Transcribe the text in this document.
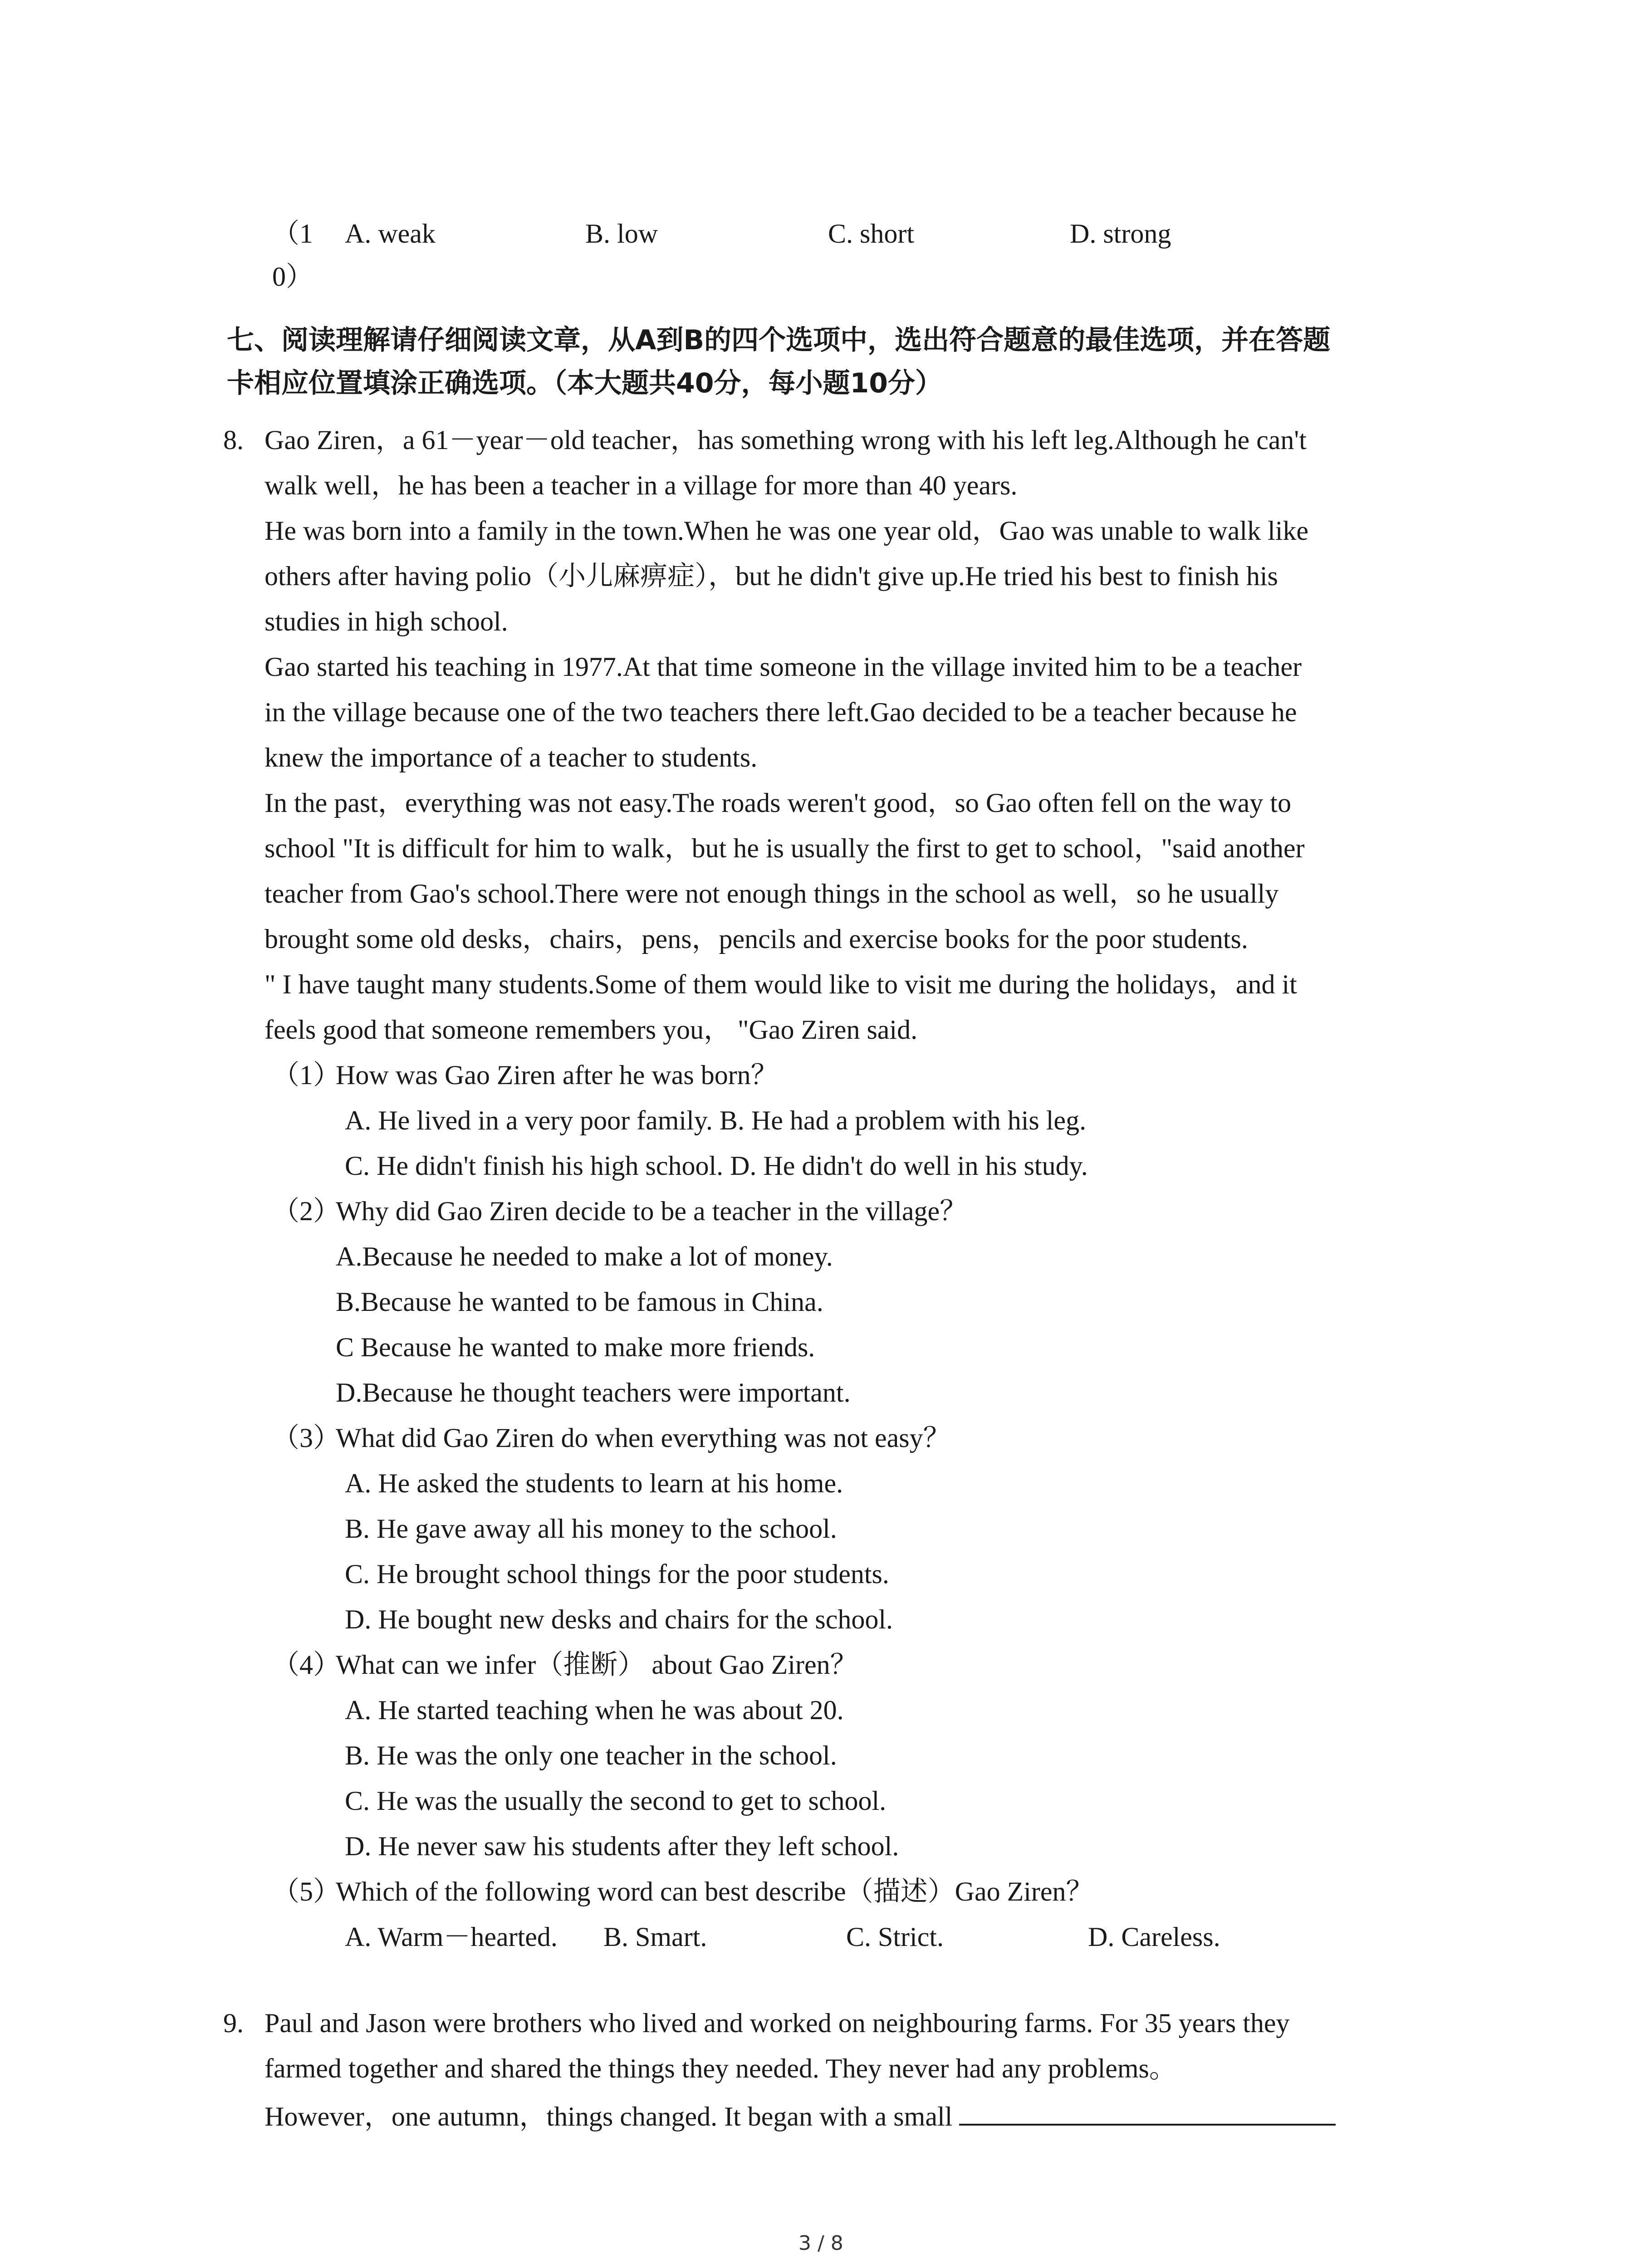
（1
0）
A. weak	B. low	C. short	D. strong
七、阅读理解请仔细阅读文章，从A到B的四个选项中，选出符合题意的最佳选项，并在答题
卡相应位置填涂正确选项。（本大题共40分，每小题10分）
8. Gao Ziren，a 61－year－old teacher，has something wrong with his left leg.Although he can't
walk well，he has been a teacher in a village for more than 40 years.
He was born into a family in the town.When he was one year old，Gao was unable to walk like
others after having polio（小儿麻痹症），but he didn't give up.He tried his best to finish his
studies in high school.
Gao started his teaching in 1977.At that time someone in the village invited him to be a teacher
in the village because one of the two teachers there left.Gao decided to be a teacher because he
knew the importance of a teacher to students.
In the past，everything was not easy.The roads weren't good，so Gao often fell on the way to
school "It is difficult for him to walk，but he is usually the first to get to school，"said another
teacher from Gao's school.There were not enough things in the school as well，so he usually
brought some old desks，chairs，pens，pencils and exercise books for the poor students.
" I have taught many students.Some of them would like to visit me during the holidays，and it
feels good that someone remembers you， "Gao Ziren said.
（1）
How was Gao Ziren after he was born？
A. He lived in a very poor family. B. He had a problem with his leg.
C. He didn't finish his high school. D. He didn't do well in his study.
（2）
Why did Gao Ziren decide to be a teacher in the village？
A.Because he needed to make a lot of money.
B.Because he wanted to be famous in China.
C Because he wanted to make more friends.
D.Because he thought teachers were important.
（3）
What did Gao Ziren do when everything was not easy？
A. He asked the students to learn at his home.
B. He gave away all his money to the school.
C. He brought school things for the poor students.
D. He bought new desks and chairs for the school.
（4）
What can we infer（推断） about Gao Ziren？
A. He started teaching when he was about 20.
B. He was the only one teacher in the school.
C. He was the usually the second to get to school.
D. He never saw his students after they left school.
（5）
Which of the following word can best describe（描述）Gao Ziren？
A. Warm－hearted. B. Smart.	C. Strict.	D. Careless.
9. Paul and Jason were brothers who lived and worked on neighbouring farms. For 35 years they
farmed together and shared the things they needed. They never had any problems。
However，one autumn，things changed. It began with a small
3 / 8
